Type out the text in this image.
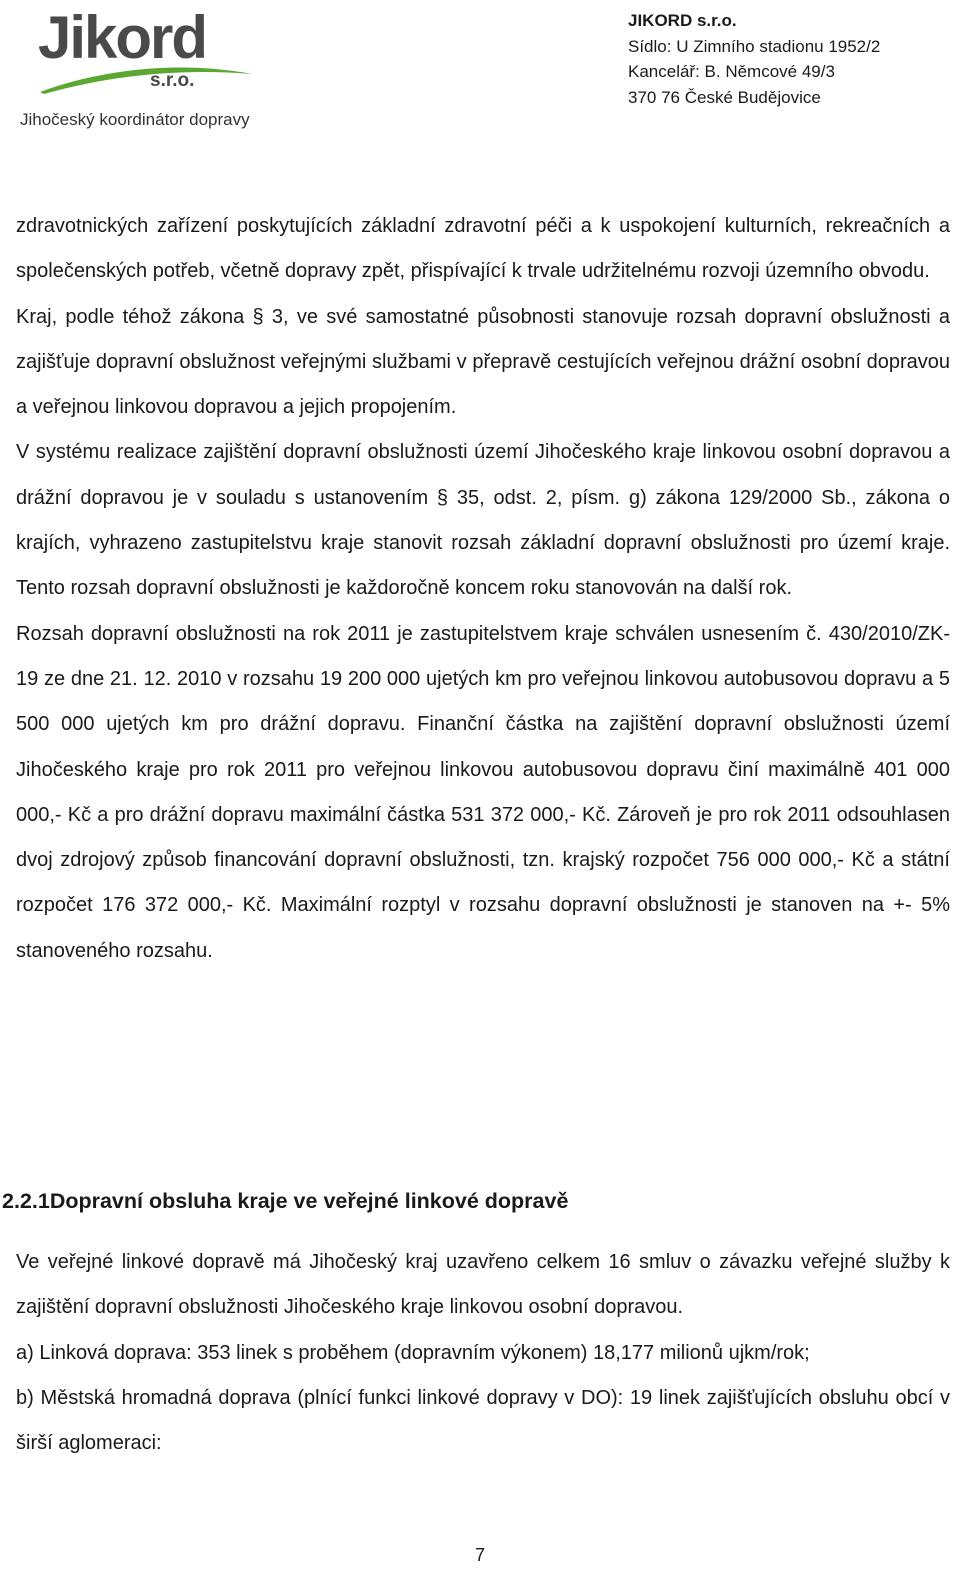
Jikord
s.r.o.
Jihočeský koordinátor dopravy
JIKORD s.r.o.
Sídlo: U Zimního stadionu 1952/2
Kancelář: B. Němcové 49/3
370 76 České Budějovice

zdravotnických zařízení poskytujících základní zdravotní péči a k uspokojení kulturních, rekreačních a společenských potřeb, včetně dopravy zpět, přispívající k trvale udržitelnému rozvoji územního obvodu.

Kraj, podle téhož zákona § 3, ve své samostatné působnosti stanovuje rozsah dopravní obslužnosti a zajišťuje dopravní obslužnost veřejnými službami v přepravě cestujících veřejnou drážní osobní dopravou a veřejnou linkovou dopravou a jejich propojením.

V systému realizace zajištění dopravní obslužnosti území Jihočeského kraje linkovou osobní dopravou a drážní dopravou je v souladu s ustanovením § 35, odst. 2, písm. g) zákona 129/2000 Sb., zákona o krajích, vyhrazeno zastupitelstvu kraje stanovit rozsah základní dopravní obslužnosti pro území kraje. Tento rozsah dopravní obslužnosti je každoročně koncem roku stanovován na další rok.

Rozsah dopravní obslužnosti na rok 2011 je zastupitelstvem kraje schválen usnesením č. 430/2010/ZK-19 ze dne 21. 12. 2010 v rozsahu 19 200 000 ujetých km pro veřejnou linkovou autobusovou dopravu a 5 500 000 ujetých km pro drážní dopravu. Finanční částka na zajištění dopravní obslužnosti území Jihočeského kraje pro rok 2011 pro veřejnou linkovou autobusovou dopravu činí maximálně 401 000 000,- Kč a pro drážní dopravu maximální částka 531 372 000,- Kč. Zároveň je pro rok 2011 odsouhlasen dvoj zdrojový způsob financování dopravní obslužnosti, tzn. krajský rozpočet 756 000 000,- Kč a státní rozpočet 176 372 000,- Kč. Maximální rozptyl v rozsahu dopravní obslužnosti je stanoven na +- 5% stanoveného rozsahu.

2.2.1Dopravní obsluha kraje ve veřejné linkové dopravě

Ve veřejné linkové dopravě má Jihočeský kraj uzavřeno celkem 16 smluv o závazku veřejné služby k zajištění dopravní obslužnosti Jihočeského kraje linkovou osobní dopravou.

a) Linková doprava: 353 linek s proběhem (dopravním výkonem) 18,177 milionů ujkm/rok;

b) Městská hromadná doprava (plnící funkci linkové dopravy v DO): 19 linek zajišťujících obsluhu obcí v širší aglomeraci:

7
